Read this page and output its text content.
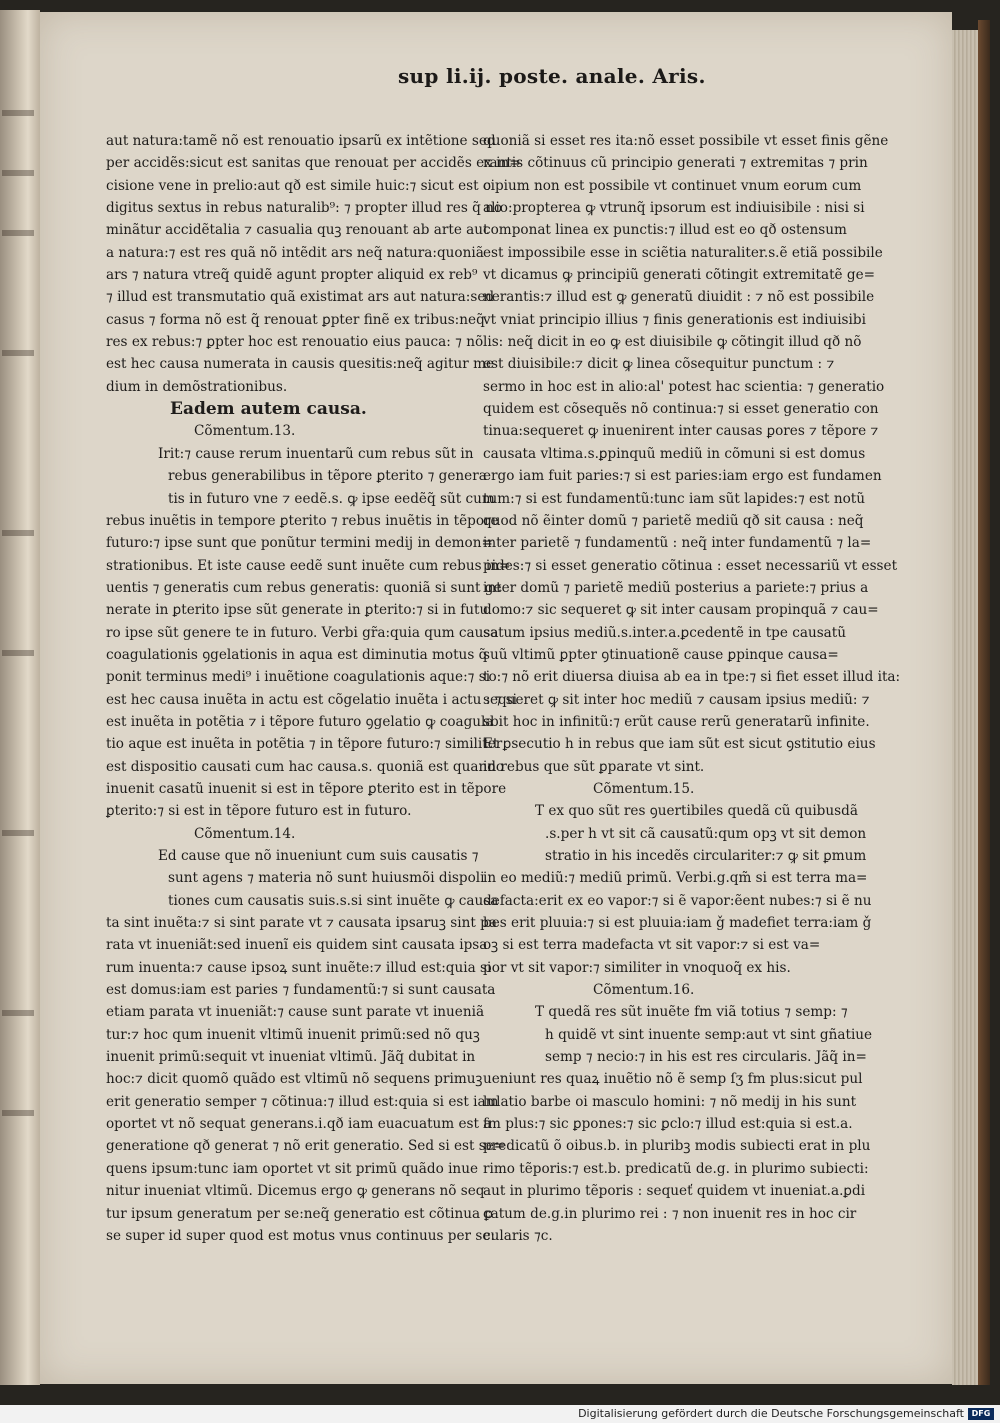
sup li.ij. poste. anale. Aris.
aut natura:tamẽ nõ est renouatio ipsarũ ex intẽtione sed
per accidẽs:sicut est sanitas que renouat per accidẽs ex in=
cisione vene in prelio:aut qð est simile huic:⁊ sicut est o
digitus sextus in rebus naturalib⁹: ⁊ propter illud res q̃ no
minãtur accidẽtalia ⁊ casualia quꝫ renouant ab arte aut
a natura:⁊ est res quã nõ intẽdit ars neq̃ natura:quoniã
ars ⁊ natura vtreq̃ quidẽ agunt propter aliquid ex reb⁹
⁊ illud est transmutatio quã existimat ars aut natura:sed
casus ⁊ forma nõ est q̃ renouat ꝑpter finẽ ex tribus:neq̃
res ex rebus:⁊ ꝑpter hoc est renouatio eius pauca: ⁊ nõ
est hec causa numerata in causis quesitis:neq̃ agitur me
dium in demõstrationibus.
Eadem autem causa.
Cõmentum.13.
Irit:⁊ cause rerum inuentarũ cum rebus sũt in
rebus generabilibus in tẽpore ꝑterito ⁊ genera
tis in futuro vne ⁊ eedẽ.s. ꝙ ipse eedẽq̃ sũt cum
rebus inuẽtis in tempore ꝑterito ⁊ rebus inuẽtis in tẽpore
futuro:⁊ ipse sunt que ponũtur termini medij in demon=
strationibus. Et iste cause eedẽ sunt inuẽte cum rebus in=
uentis ⁊ generatis cum rebus generatis: quoniã si sunt ge
nerate in ꝑterito ipse sũt generate in ꝑterito:⁊ si in futu
ro ipse sũt genere te in futuro. Verbi gr̃a:quia qum causa
coagulationis ꝯgelationis in aqua est diminutia motus q̃
ponit terminus medi⁹ i inuẽtione coagulationis aque:⁊ si
est hec causa inuẽta in actu est cõgelatio inuẽta i actu : ⁊ si
est inuẽta in potẽtia ⁊ i tẽpore futuro ꝯgelatio ꝙ coagula
tio aque est inuẽta in potẽtia ⁊ in tẽpore futuro:⁊ similiter
est dispositio causati cum hac causa.s. quoniã est quando
inuenit casatũ inuenit si est in tẽpore ꝑterito est in tẽpore
ꝑterito:⁊ si est in tẽpore futuro est in futuro.
Cõmentum.14.
Ed cause que nõ inueniunt cum suis causatis ⁊
sunt agens ⁊ materia nõ sunt huiusmõi dispoli
tiones cum causatis suis.s.si sint inuẽte ꝙ causa
ta sint inuẽta:⁊ si sint parate vt ⁊ causata ipsaruꝫ sint pa
rata vt inueniãt:sed inuenĩ eis quidem sint causata ipsa
rum inuenta:⁊ cause ipsoꝝ sunt inuẽte:⁊ illud est:quia si
est domus:iam est paries ⁊ fundamentũ:⁊ si sunt causata
etiam parata vt inueniãt:⁊ cause sunt parate vt inueniã
tur:⁊ hoc qum inuenit vltimũ inuenit primũ:sed nõ quꝫ
inuenit primũ:sequit vt inueniat vltimũ. Jãq̃ dubitat in
hoc:⁊ dicit quomõ quãdo est vltimũ nõ sequens primuꝫ
erit generatio semper ⁊ cõtinua:⁊ illud est:quia si est iam
oportet vt nõ sequat generans.i.qð iam euacuatum est a
generatione qð generat ⁊ nõ erit generatio. Sed si est se=
quens ipsum:tunc iam oportet vt sit primũ quãdo inue
nitur inueniat vltimũ. Dicemus ergo ꝙ generans nõ seq
tur ipsum generatum per se:neq̃ generatio est cõtinua ꝑ
se super id super quod est motus vnus continuus per se:
quoniã si esset res ita:nõ esset possibile vt esset finis gẽne
rantis cõtinuus cũ principio generati ⁊ extremitas ⁊ prin
cipium non est possibile vt continuet vnum eorum cum
alio:propterea ꝙ vtrunq̃ ipsorum est indiuisibile : nisi si
componat linea ex punctis:⁊ illud est eo qð ostensum
est impossibile esse in sciẽtia naturaliter.s.ẽ etiã possibile
vt dicamus ꝙ principiũ generati cõtingit extremitatẽ ge=
nerantis:⁊ illud est ꝙ generatũ diuidit : ⁊ nõ est possibile
vt vniat principio illius ⁊ finis generationis est indiuisibi
lis: neq̃ dicit in eo ꝙ est diuisibile ꝙ cõtingit illud qð nõ
est diuisibile:⁊ dicit ꝙ linea cõsequitur punctum : ⁊
sermo in hoc est in alio:al' potest hac scientia: ⁊ generatio
quidem est cõsequẽs nõ continua:⁊ si esset generatio con
tinua:sequeret ꝙ inuenirent inter causas ꝑores ⁊ tẽpore ⁊
causata vltima.s.ꝑpinquũ mediũ in cõmuni si est domus
ergo iam fuit paries:⁊ si est paries:iam ergo est fundamen
tum:⁊ si est fundamentũ:tunc iam sũt lapides:⁊ est notũ
quod nõ ẽinter domũ ⁊ parietẽ mediũ qð sit causa : neq̃
inter parietẽ ⁊ fundamentũ : neq̃ inter fundamentũ ⁊ la=
pides:⁊ si esset generatio cõtinua : esset necessariũ vt esset
inter domũ ⁊ parietẽ mediũ posterius a pariete:⁊ prius a
domo:⁊ sic sequeret ꝙ sit inter causam propinquã ⁊ cau=
satum ipsius mediũ.s.inter.a.ꝑcedentẽ in tpe causatũ
suũ vltimũ ꝑpter ꝯtinuationẽ cause ꝑpinque causa=
to:⁊ nõ erit diuersa diuisa ab ea in tpe:⁊ si fiet esset illud ita:
sequeret ꝙ sit inter hoc mediũ ⁊ causam ipsius mediũ: ⁊
sbit hoc in infinitũ:⁊ erũt cause rerũ generatarũ infinite.
Et ꝑsecutio h in rebus que iam sũt est sicut ꝯstitutio eius
in rebus que sũt ꝑparate vt sint.
Cõmentum.15.
T ex quo sũt res ꝯuertibiles quedã cũ quibusdã
.s.per h vt sit cã causatũ:qum opꝫ vt sit demon
stratio in his incedẽs circulariter:⁊ ꝙ sit ꝑmum
in eo mediũ:⁊ mediũ primũ. Verbi.g.qm̃ si est terra ma=
defacta:erit ex eo vapor:⁊ si ẽ vapor:ẽent nubes:⁊ si ẽ nu
bes erit pluuia:⁊ si est pluuia:iam ǧ madefiet terra:iam ǧ
oꝫ si est terra madefacta vt sit vapor:⁊ si est va=
por vt sit vapor:⁊ similiter in vnoquoq̃ ex his.
Cõmentum.16.
T quedã res sũt inuẽte fm viã totius ⁊ semp: ⁊
h quidẽ vt sint inuente semp:aut vt sint gñatiue
semp ⁊ necio:⁊ in his est res circularis. Jãq̃ in=
ueniunt res quaꝝ inuẽtio nõ ẽ semp ſʒ fm plus:sicut pul
lulatio barbe oi masculo homini: ⁊ nõ medij in his sunt
fm plus:⁊ sic ꝑpones:⁊ sic ꝑclo:⁊ illud est:quia si est.a.
predicatũ õ oibus.b. in pluribꝫ modis subiecti erat in plu
rimo tẽporis:⁊ est.b. predicatũ de.g. in plurimo subiecti:
aut in plurimo tẽporis : sequeť quidem vt inueniat.a.ꝑdi
catum de.g.in plurimo rei : ⁊ non inuenit res in hoc cir
cularis ⁊c.
Digitalisierung gefördert durch die Deutsche Forschungsgemeinschaft DFG
